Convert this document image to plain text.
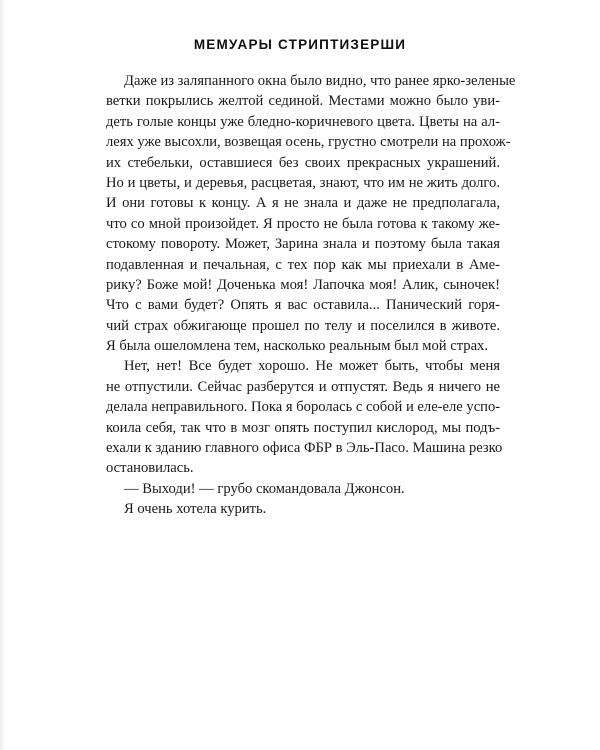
МЕМУАРЫ СТРИПТИЗЕРШИ
Даже из заляпанного окна было видно, что ранее ярко-зеленые
ветки покрылись желтой сединой. Местами можно было уви-
деть голые концы уже бледно-коричневого цвета. Цветы на ал-
леях уже высохли, возвещая осень, грустно смотрели на прохож-
их стебельки, оставшиеся без своих прекрасных украшений.
Но и цветы, и деревья, расцветая, знают, что им не жить долго.
И они готовы к концу. А я не знала и даже не предполагала,
что со мной произойдет. Я просто не была готова к такому же-
стокому повороту. Может, Зарина знала и поэтому была такая
подавленная и печальная, с тех пор как мы приехали в Аме-
рику? Боже мой! Доченька моя! Лапочка моя! Алик, сыночек!
Что с вами будет? Опять я вас оставила... Панический горя-
чий страх обжигающе прошел по телу и поселился в животе.
Я была ошеломлена тем, насколько реальным был мой страх.
Нет, нет! Все будет хорошо. Не может быть, чтобы меня
не отпустили. Сейчас разберутся и отпустят. Ведь я ничего не
делала неправильного. Пока я боролась с собой и еле-еле успо-
коила себя, так что в мозг опять поступил кислород, мы подъ-
ехали к зданию главного офиса ФБР в Эль-Пасо. Машина резко
остановилась.
— Выходи! — грубо скомандовала Джонсон.
Я очень хотела курить.
